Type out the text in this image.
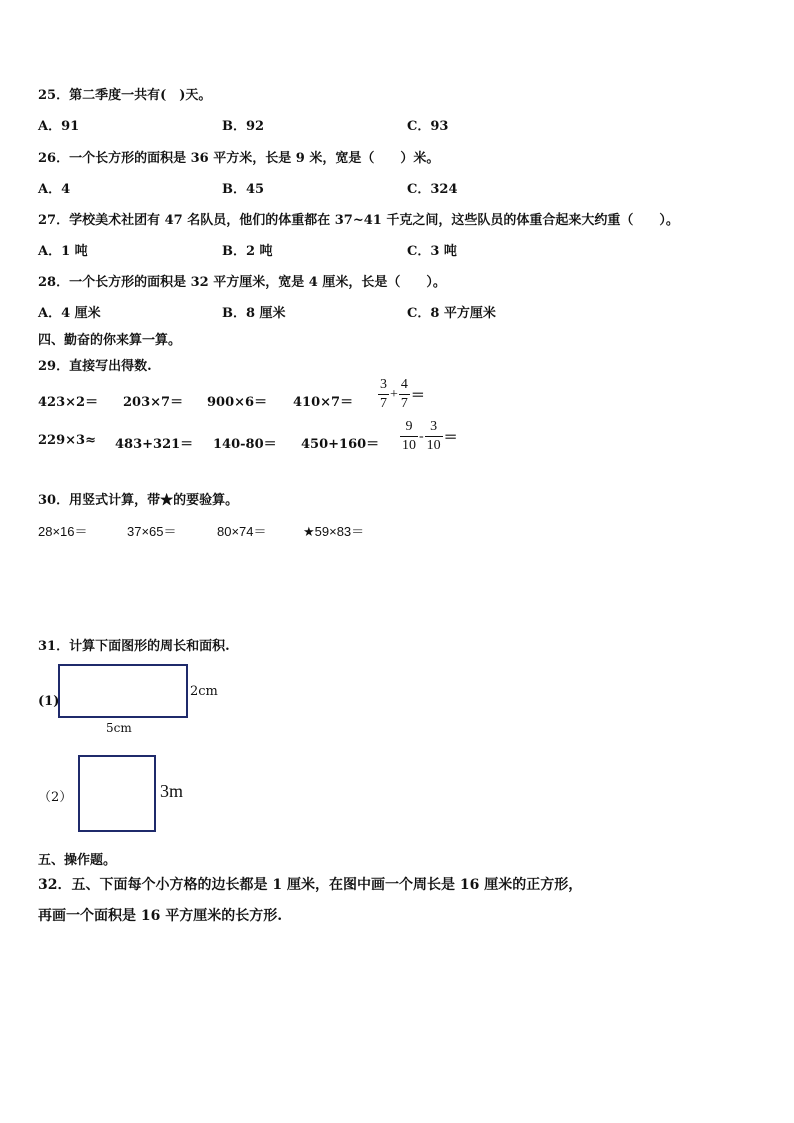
25．第二季度一共有(　)天。
A．91	B．92	C．93
26．一个长方形的面积是 36 平方米，长是 9 米，宽是（　　）米。
A．4	B．45	C．324
27．学校美术社团有 47 名队员，他们的体重都在 37~41 千克之间，这些队员的体重合起来大约重（　　）。
A．1 吨	B．2 吨	C．3 吨
28．一个长方形的面积是 32 平方厘米，宽是 4 厘米，长是（　　）。
A．4 厘米	B．8 厘米	C．8 平方厘米
四、勤奋的你来算一算。
29．直接写出得数.
$423\times 2= 203\times 7= 900\times 6= 410\times 7= \frac{3}{7} + \frac{4}{7}$ ＝
$229\times 3\approx 483+321= 140-80= 450+160= \frac{9}{10} - \frac{3}{10}$ ＝
30．用竖式计算，带★的要验算。
28×16＝	37×65＝	80×74＝	★59×83＝
31．计算下面图形的周长和面积.
(1)
2cm
5cm
（2）	3m
五、操作题。
32．五、下面每个小方格的边长都是 1 厘米，在图中画一个周长是 16 厘米的正方形，
再画一个面积是 16 平方厘米的长方形.
